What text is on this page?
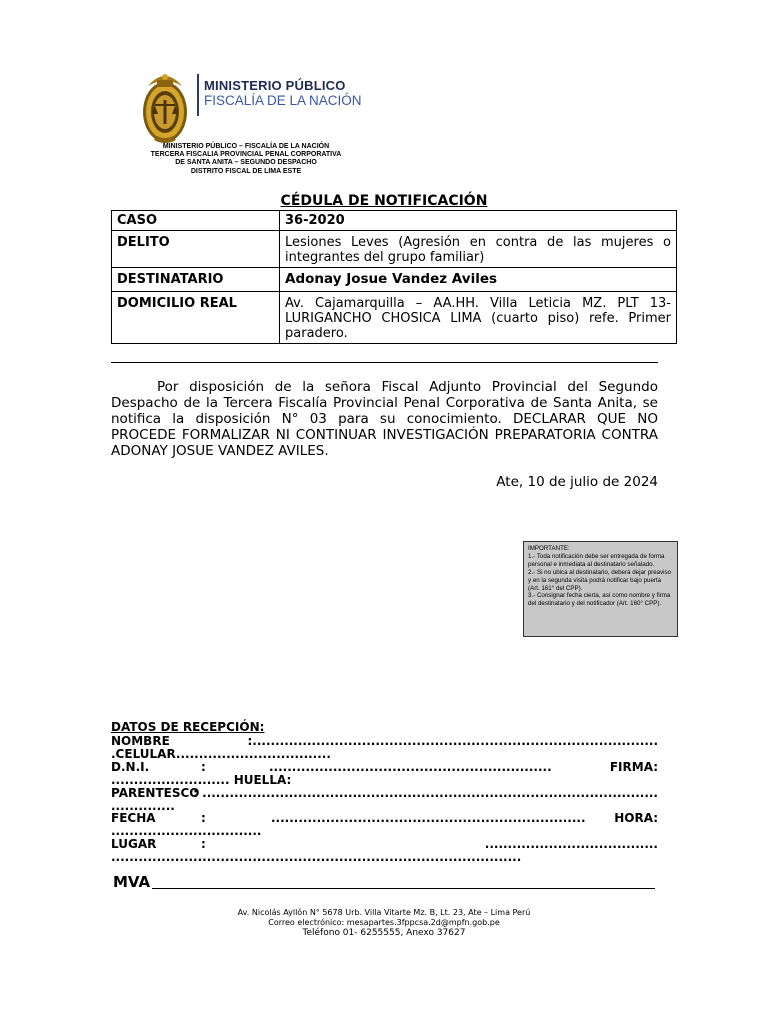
MINISTERIO PÚBLICO
FISCALÍA DE LA NACIÓN
MINISTERIO PÚBLICO – FISCALÍA DE LA NACIÓN
TERCERA FISCALIA PROVINCIAL PENAL CORPORATIVA
DE SANTA ANITA – SEGUNDO DESPACHO
DISTRITO FISCAL DE LIMA ESTE
CÉDULA DE NOTIFICACIÓN
CASO	36-2020
DELITO	Lesiones Leves (Agresión en contra de las mujeres o integrantes del grupo familiar)
DESTINATARIO	Adonay Josue Vandez Aviles
DOMICILIO REAL	Av. Cajamarquilla – AA.HH. Villa Leticia MZ. PLT 13- LURIGANCHO CHOSICA LIMA (cuarto piso) refe. Primer paradero.
Por disposición de la señora Fiscal Adjunto Provincial del Segundo Despacho de la Tercera Fiscalía Provincial Penal Corporativa de Santa Anita, se notifica la disposición N° 03 para su conocimiento. DECLARAR QUE NO PROCEDE FORMALIZAR NI CONTINUAR INVESTIGACIÓN PREPARATORIA CONTRA ADONAY JOSUE VANDEZ AVILES.
Ate, 10 de julio de 2024
IMPORTANTE:
1.- Toda notificación debe ser entregada de forma personal e inmediata al destinatario señalado.
2.- Si no ubica al destinatario, deberá dejar preaviso y en la segunda visita podrá notificar bajo puerta (Art. 161° del CPP).
3.- Consignar fecha cierta, así como nombre y firma del destinatario y del notificador (Art. 160° CPP).
DATOS DE RECEPCIÓN:
NOMBRE	:.........................................................................................
.CELULAR..................................
D.N.I.	:	..............................................................	FIRMA:
.......................... HUELLA:
PARENTESCO
: ....................................................................................................
..............
FECHA	:	..................................................................... HORA:
.................................
LUGAR	:	......................................
..........................................................................................
MVA
Av. Nicolás Ayllón N° 5678 Urb. Villa Vitarte Mz. B, Lt. 23, Ate – Lima Perú
Correo electrónico: mesapartes.3fppcsa.2d@mpfn.gob.pe
Teléfono 01- 6255555, Anexo 37627
